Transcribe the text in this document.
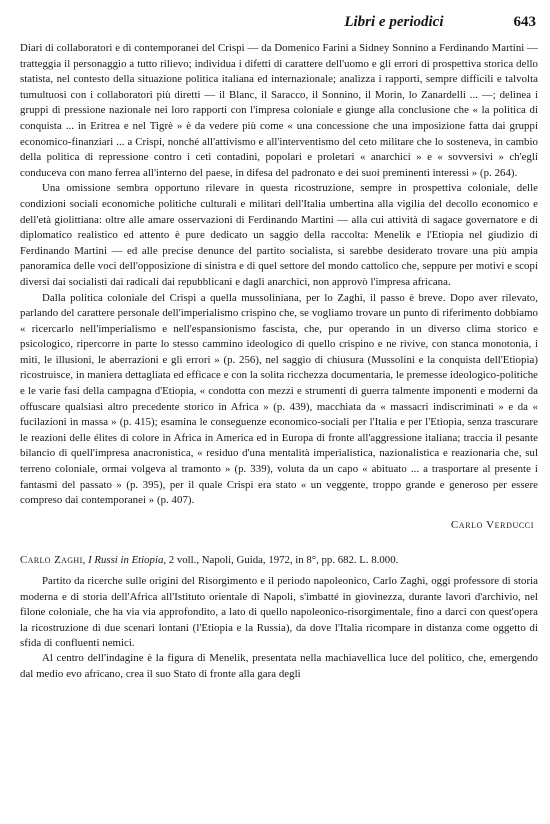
Libri e periodici	643

Diari di collaboratori e di contemporanei del Crispi — da Domenico Farini a Sidney Sonnino a Ferdinando Martini — tratteggia il personaggio a tutto rilievo; individua i difetti di carattere dell'uomo e gli errori di prospettiva storica dello statista, nel contesto della situazione politica italiana ed internazionale; analizza i rapporti, sempre difficili e talvolta tumultuosi con i collaboratori più diretti — il Blanc, il Saracco, il Sonnino, il Morin, lo Zanardelli ... —; delinea i gruppi di pressione nazionale nei loro rapporti con l'impresa coloniale e giunge alla conclusione che « la politica di conquista ... in Eritrea e nel Tigrè » è da vedere più come « una concessione che una imposizione fatta dai gruppi economico-finanziari ... a Crispi, nonché all'attivismo e all'interventismo del ceto militare che lo sosteneva, in cambio della politica di repressione contro i ceti contadini, popolari e proletari « anarchici » e « sovversivi » ch'egli conduceva con mano ferrea all'interno del paese, in difesa del padronato e dei suoi preminenti interessi » (p. 264).

Una omissione sembra opportuno rilevare in questa ricostruzione, sempre in prospettiva coloniale, delle condizioni sociali economiche politiche culturali e militari dell'Italia umbertina alla vigilia del decollo economico e dell'età giolittiana: oltre alle amare osservazioni di Ferdinando Martini — alla cui attività di sagace governatore e di diplomatico realistico ed attento è pure dedicato un saggio della raccolta: Menelik e l'Etiopia nel giudizio di Ferdinando Martini — ed alle precise denunce del partito socialista, si sarebbe desiderato trovare una più ampia panoramica delle voci dell'opposizione di sinistra e di quel settore del mondo cattolico che, seppure per motivi e scopi diversi dai socialisti dai radicali dai repubblicani e dagli anarchici, non approvò l'impresa africana.

Dalla politica coloniale del Crispi a quella mussoliniana, per lo Zaghi, il passo è breve. Dopo aver rilevato, parlando del carattere personale dell'imperialismo crispino che, se vogliamo trovare un punto di riferimento dobbiamo « ricercarlo nell'imperialismo e nell'espansionismo fascista, che, pur operando in un diverso clima storico e psicologico, ripercorre in parte lo stesso cammino ideologico di quello crispino e ne rivive, con stanca monotonia, i miti, le illusioni, le aberrazioni e gli errori » (p. 256), nel saggio di chiusura (Mussolini e la conquista dell'Etiopia) ricostruisce, in maniera dettagliata ed efficace e con la solita ricchezza documentaria, le premesse ideologico-politiche e le varie fasi della campagna d'Etiopia, « condotta con mezzi e strumenti di guerra talmente imponenti e moderni da offuscare qualsiasi altro precedente storico in Africa » (p. 439), macchiata da « massacri indiscriminati » e da « fucilazioni in massa » (p. 415); esamina le conseguenze economico-sociali per l'Italia e per l'Etiopia, senza trascurare le reazioni delle élites di colore in Africa in America ed in Europa di fronte all'aggressione italiana; traccia il pesante bilancio di quell'impresa anacronistica, « residuo d'una mentalità imperialistica, nazionalistica e reazionaria che, sul terreno coloniale, ormai volgeva al tramonto » (p. 339), voluta da un capo « abituato ... a trasportare al presente i fantasmi del passato » (p. 395), per il quale Crispi era stato « un veggente, troppo grande e generoso per essere compreso dai contemporanei » (p. 407).

Carlo Verducci
Carlo Zaghi, I Russi in Etiopia, 2 voll., Napoli, Guida, 1972, in 8°, pp. 682. L. 8.000.

Partito da ricerche sulle origini del Risorgimento e il periodo napoleonico, Carlo Zaghi, oggi professore di storia moderna e di storia dell'Africa all'Istituto orientale di Napoli, s'imbatté in giovinezza, durante lavori d'archivio, nel filone coloniale, che ha via via approfondito, a lato di quello napoleonico-risorgimentale, fino a darci con quest'opera la ricostruzione di due scenari lontani (l'Etiopia e la Russia), da dove l'Italia ricompare in distanza come oggetto di sfida di confluenti nemici.

Al centro dell'indagine è la figura di Menelik, presentata nella machiavellica luce del politico, che, emergendo dal medio evo africano, crea il suo Stato di fronte alla gara degli
